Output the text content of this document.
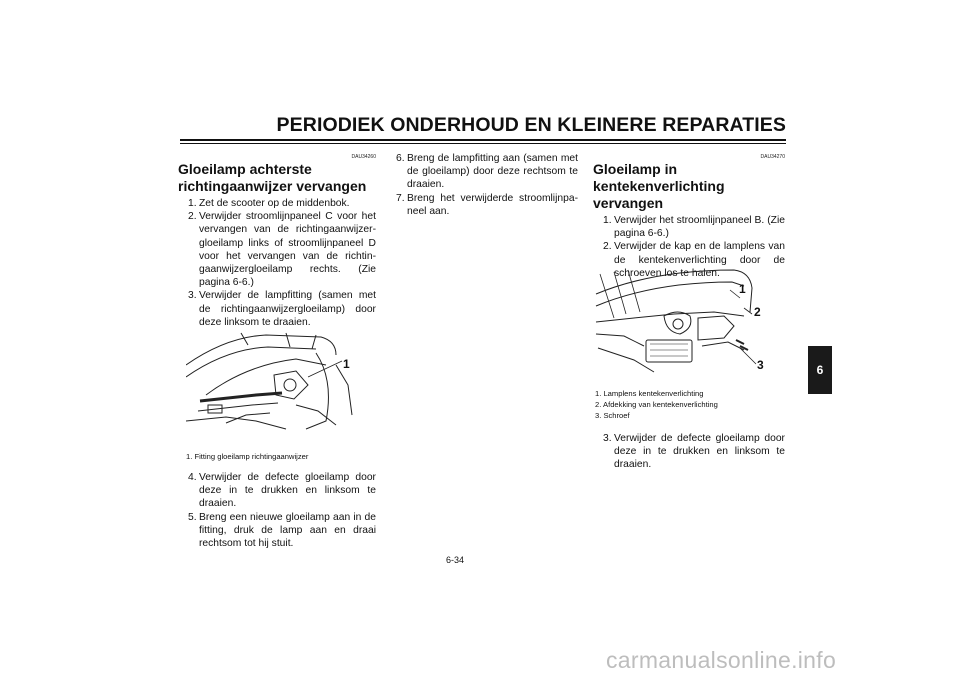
PERIODIEK ONDERHOUD EN KLEINERE REPARATIES
DAU34260
Gloeilamp achterste
richtingaanwijzer vervangen
1. Zet de scooter op de middenbok.
2. Verwijder stroomlijnpaneel C voor het vervangen van de richtingaanwijzer-gloeilamp links of stroomlijnpaneel D voor het vervangen van de richtin-gaanwijzergloeilamp rechts. (Zie pagina 6-6.)
3. Verwijder de lampfitting (samen met de richtingaanwijzergloeilamp) door deze linksom te draaien.
1
1. Fitting gloeilamp richtingaanwijzer
4. Verwijder de defecte gloeilamp door deze in te drukken en linksom te draaien.
5. Breng een nieuwe gloeilamp aan in de fitting, druk de lamp aan en draai rechtsom tot hij stuit.
6. Breng de lampfitting aan (samen met de gloeilamp) door deze rechtsom te draaien.
7. Breng het verwijderde stroomlijnpa-neel aan.
DAU34270
Gloeilamp in kentekenverlichting
vervangen
1. Verwijder het stroomlijnpaneel B. (Zie pagina 6-6.)
2. Verwijder de kap en de lamplens van de kentekenverlichting door de schroeven los te halen.
1
2
3
1. Lamplens kentekenverlichting
2. Afdekking van kentekenverlichting
3. Schroef
3. Verwijder de defecte gloeilamp door deze in te drukken en linksom te draaien.
6
6-34
carmanualsonline.info
